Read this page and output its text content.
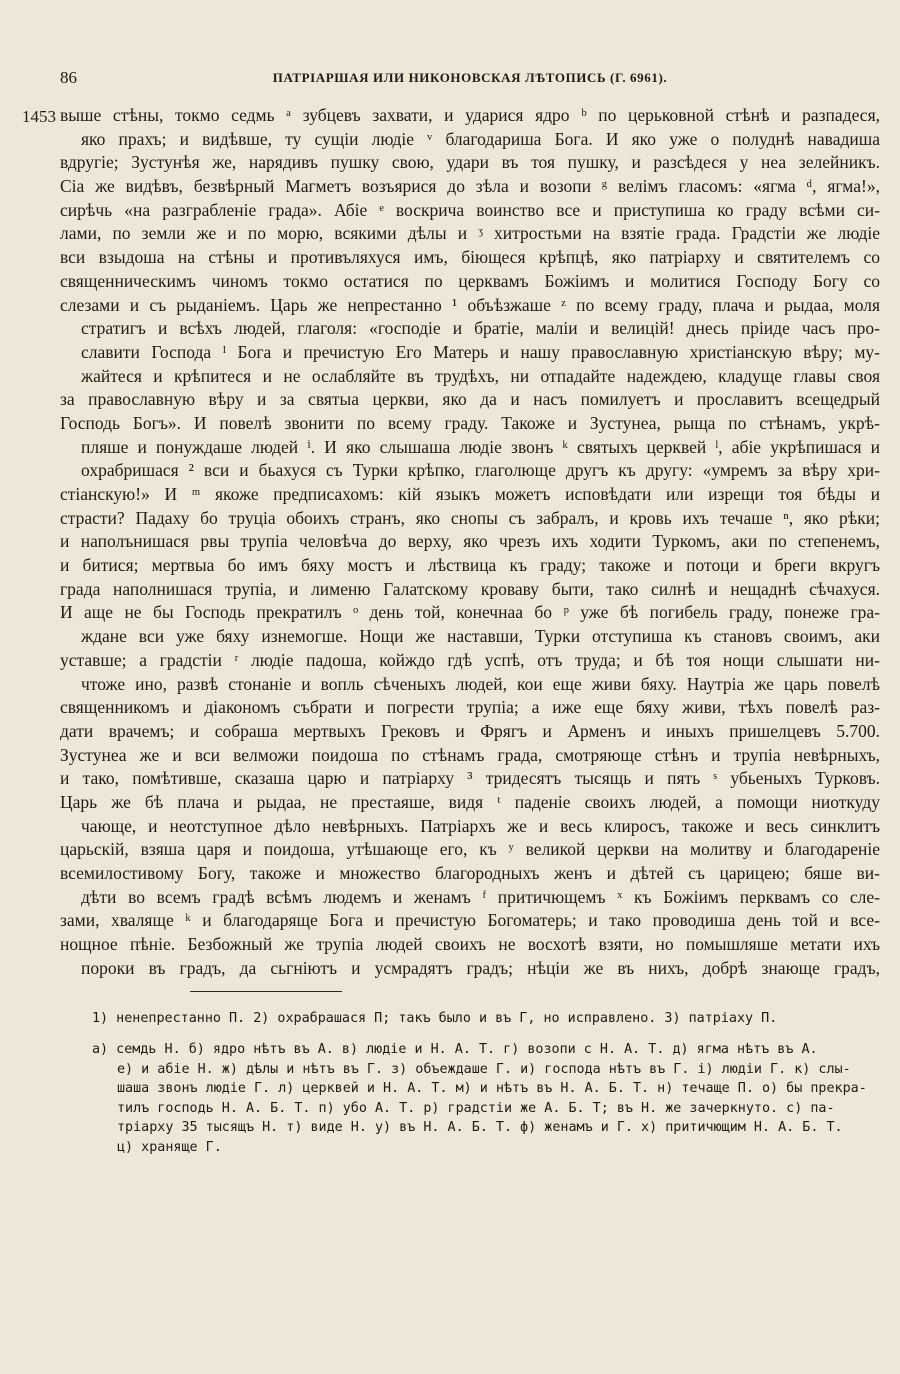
86	ПАТРІАРШАЯ ИЛИ НИКОНОВСКАЯ ЛѢТОПИСЬ (Г. 6961).
1453 выше стѣны, токмо седмь ᵃ зубцевъ захвати, и ударися ядро ᵇ по церьковной стѣнѣ и разпадеся,
яко прахъ; и видѣвше, ту сущіи людіе ᵛ благодариша Бога. И яко уже о полуднѣ навадиша
вдругіе; Зустунѣя же, нарядивъ пушку свою, удари въ тоя пушку, и разсѣдеся у неа зелейникъ.
Сіа же видѣвъ, безвѣрный Магметъ возъярися до зѣла и возопи ᵍ велімъ гласомъ: «ягма ᵈ, ягма!»,
сирѣчь «на разграбленіе града». Абіе ᵉ воскрича воинство все и приступиша ко граду всѣми си-
лами, по земли же и по морю, всякими дѣлы и ᶾ хитростьми на взятіе града. Градстіи же людіе
вси взыдоша на стѣны и противъляхуся имъ, біющеся крѣпцѣ, яко патріарху и святителемъ со
священническимъ чиномъ токмо остатися по церквамъ Божіимъ и молитися Господу Богу со
слезами и съ рыданіемъ. Царь же непрестанно ¹ объѣзжаше ᶻ по всему граду, плача и рыдаа, моля
стратигъ и всѣхъ людей, глаголя: «господіе и братіе, маліи и велицій! днесь пріиде часъ про-
славити Господа ᴵ Бога и пречистую Его Матерь и нашу православную христіанскую вѣру; му-
жайтеся и крѣпитеся и не ослабляйте въ трудѣхъ, ни отпадайте надеждею, кладуще главы своя
за православную вѣру и за святыа церкви, яко да и насъ помилуетъ и прославитъ всещедрый
Господь Богъ». И повелѣ звонити по всему граду. Такоже и Зустунеа, рыща по стѣнамъ, укрѣ-
пляше и понуждаше людей ⁱ. И яко слышаша людіе звонъ ᵏ святыхъ церквей ˡ, абіе укрѣпишася и
охрабришася ² вси и бьахуся съ Турки крѣпко, глаголюще другъ къ другу: «умремъ за вѣру хри-
стіанскую!» И ᵐ якоже предписахомъ: кій языкъ можетъ исповѣдати или изрещи тоя бѣды и
страсти? Падаху бо труціа обоихъ странъ, яко снопы съ забралъ, и кровь ихъ течаше ⁿ, яко рѣки;
и наполънишася рвы трупіа человѣча до верху, яко чрезъ ихъ ходити Туркомъ, аки по степенемъ,
и битися; мертвыа бо имъ бяху мостъ и лѣствица къ граду; такоже и потоци и бреги вкругъ
града наполнишася трупіа, и лименю Галатскому кроваву быти, тако силнѣ и нещаднѣ сѣчахуся.
И аще не бы Господь прекратилъ ᵒ день той, конечнаа бо ᵖ уже бѣ погибель граду, понеже гра-
ждане вси уже бяху изнемогше. Нощи же наставши, Турки отступиша къ становъ своимъ, аки
уставше; а градстіи ʳ людіе падоша, койждо гдѣ успѣ, отъ труда; и бѣ тоя нощи слышати ни-
чтоже ино, развѣ стонаніе и вопль сѣченыхъ людей, кои еще живи бяху. Наутріа же царь повелѣ
священникомъ и діакономъ събрати и погрести трупіа; а иже еще бяху живи, тѣхъ повелѣ раз-
дати врачемъ; и собраша мертвыхъ Грековъ и Фрягъ и Арменъ и иныхъ пришелцевъ 5.700.
Зустунеа же и вси велможи поидоша по стѣнамъ града, смотряюще стѣнъ и трупіа невѣрныхъ,
и тако, помѣтивше, сказаша царю и патріарху ³ тридесятъ тысящь и пять ˢ убьеныхъ Турковъ.
Царь же бѣ плача и рыдаа, не престаяше, видя ᵗ паденіе своихъ людей, а помощи ниоткуду
чающе, и неотступное дѣло невѣрныхъ. Патріархъ же и весь клиросъ, такоже и весь синклитъ
царьскій, взяша царя и поидоша, утѣшающе его, къ ʸ великой церкви на молитву и благодареніе
всемилостивому Богу, такоже и множество благородныхъ женъ и дѣтей съ царицею; бяше ви-
дѣти во всемъ градѣ всѣмъ людемъ и женамъ ᶠ притичющемъ ˣ къ Божіимъ перквамъ со сле-
зами, хвалящe ᵏ и благодаряще Бога и пречистую Богоматерь; и тако проводиша день той и все-
нощное пѣніе. Безбожный же трупіа людей своихъ не восхотѣ взяти, но помышляше метати ихъ
пороки въ градъ, да сьгніютъ и усмрадятъ градъ; нѣціи же въ нихъ, добрѣ знающе градъ,
1) ненепрестанно П. 2) охрабрашася П; такъ было и въ Г, но исправлено. 3) патріаху П.
а) семдь Н. б) ядро нѣтъ въ А. в) людіе и Н. А. Т. г) возопи с Н. А. Т. д) ягма нѣтъ въ А.
е) и абіе Н. ж) дѣлы и нѣтъ въ Г. з) объеждаше Г. и) господа нѣтъ въ Г. і) людіи Г. к) слы-
шаша звонъ людіе Г. л) церквей и Н. А. Т. м) и нѣтъ въ Н. А. Б. Т. н) течаще П. о) бы прекра-
тилъ господь Н. А. Б. Т. п) убо А. Т. р) градстіи же А. Б. Т; въ Н. же зачеркнуто. с) па-
тріарху 35 тысящъ Н. т) виде Н. у) въ Н. А. Б. Т. ф) женамъ и Г. х) притичющим Н. А. Б. Т.
ц) храняще Г.
